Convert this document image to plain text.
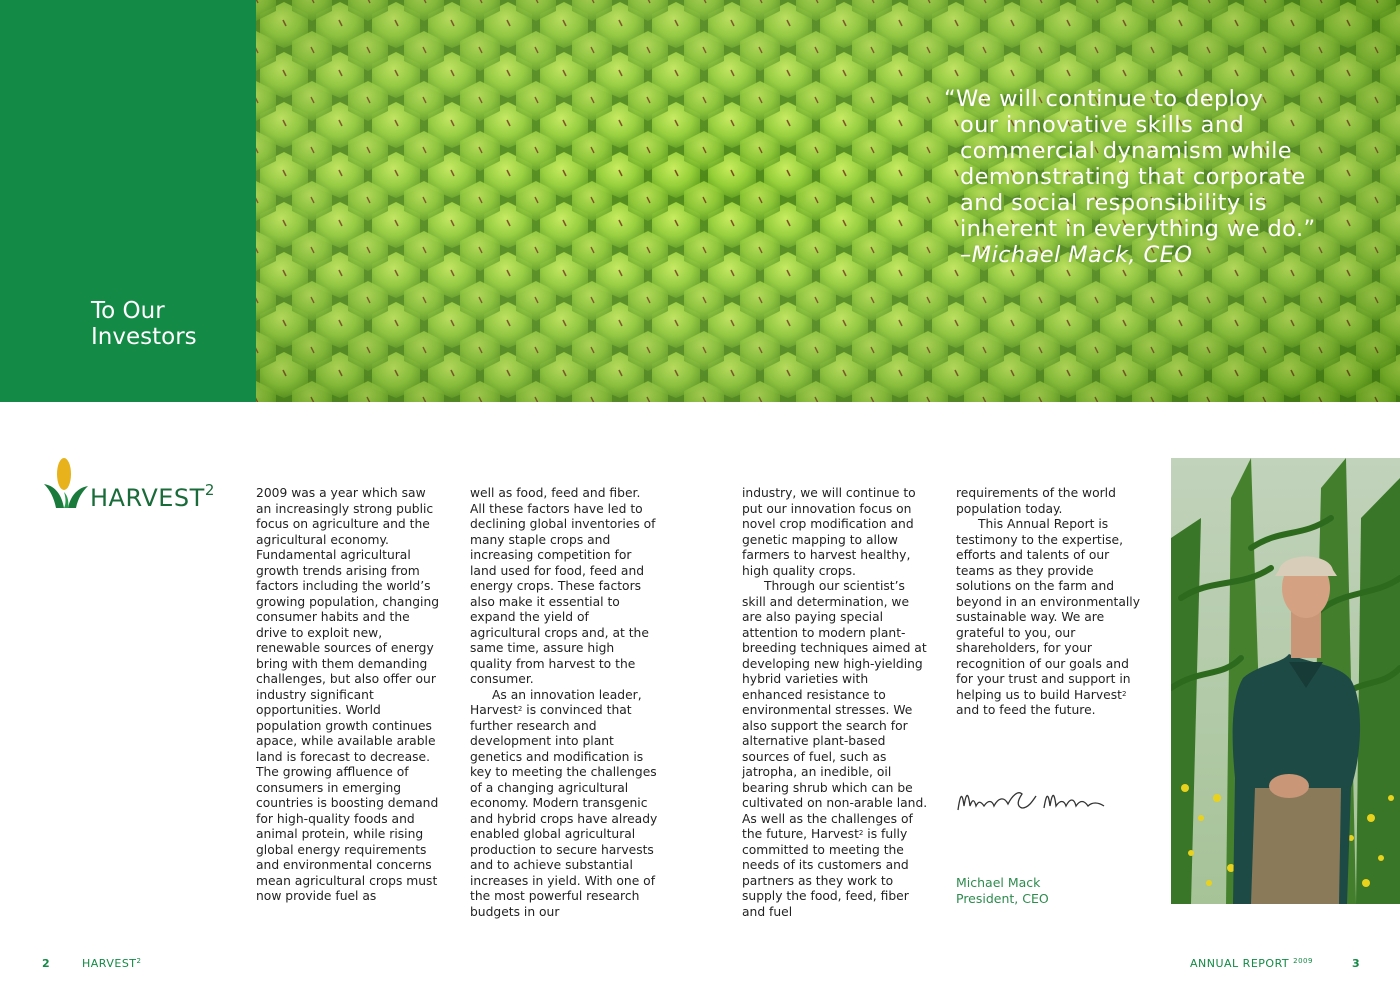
To Our
Investors
“We will continue to deploy
our innovative skills and
commercial dynamism while
demonstrating that corporate
and social responsibility is
inherent in everything we do.”
–Michael Mack, CEO
HARVEST$^2$	2009 was a year which saw an increasingly strong public focus on agriculture and the agricultural economy. Fundamental agricultural growth trends arising from factors including the world’s growing population, changing consumer habits and the drive to exploit new, renewable sources of energy bring with them demanding challenges, but also offer our industry significant opportunities. World population growth continues apace, while available arable land is forecast to decrease. The growing affluence of consumers in emerging countries is boosting demand for high-quality foods and animal protein, while rising global energy requirements and environmental concerns mean agricultural crops must now provide fuel as

well as food, feed and fiber. All these factors have led to declining global inventories of many staple crops and increasing competition for land used for food, feed and energy crops. These factors also make it essential to expand the yield of agricultural crops and, at the same time, assure high quality from harvest to the consumer.

As an innovation leader, Harvest$^2$ is convinced that further research and development into plant genetics and modification is key to meeting the challenges of a changing agricultural economy. Modern transgenic and hybrid crops have already enabled global agricultural production to secure harvests and to achieve substantial increases in yield. With one of the most powerful research budgets in our

industry, we will continue to put our innovation focus on novel crop modification and genetic mapping to allow farmers to harvest healthy, high quality crops.

Through our scientist’s skill and determination, we are also paying special attention to modern plant-breeding techniques aimed at developing new high-yielding hybrid varieties with enhanced resistance to environmental stresses. We also support the search for alternative plant-based sources of fuel, such as jatropha, an inedible, oil bearing shrub which can be cultivated on non-arable land. As well as the challenges of the future, Harvest$^2$ is fully committed to meeting the needs of its customers and partners as they work to supply the food, feed, fiber and fuel

requirements of the world population today.

This Annual Report is testimony to the expertise, efforts and talents of our teams as they provide solutions on the farm and beyond in an environmentally sustainable way. We are grateful to you, our shareholders, for your recognition of our goals and for your trust and support in helping us to build Harvest$^2$ and to feed the future.

Michael Mack
President, CEO
2	HARVEST$^2$	ANNUAL REPORT $^{2009}$	3
